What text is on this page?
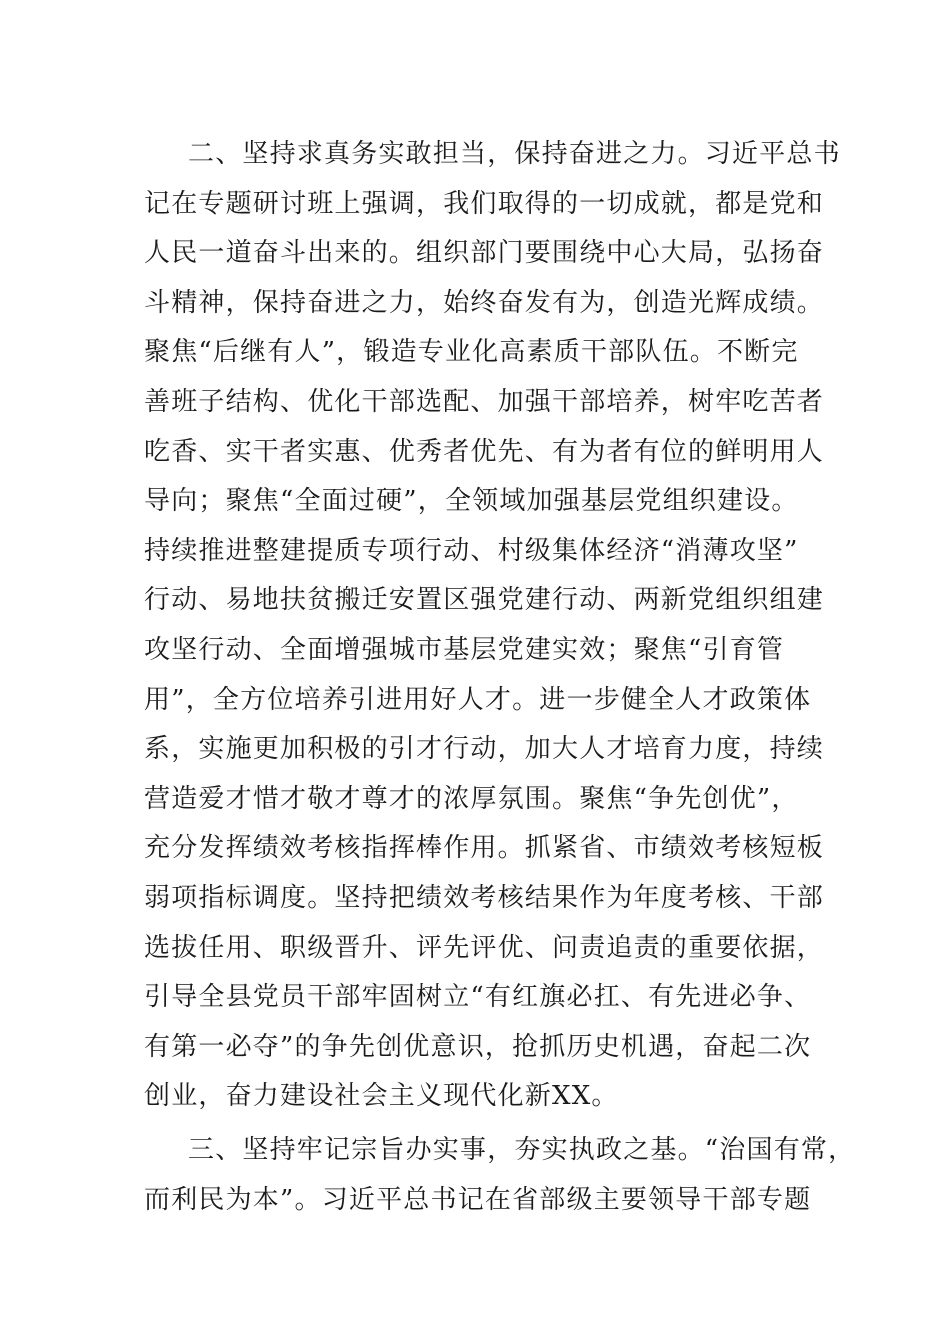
二、坚持求真务实敢担当，保持奋进之力。习近平总书
记在专题研讨班上强调，我们取得的一切成就，都是党和
人民一道奋斗出来的。组织部门要围绕中心大局，弘扬奋
斗精神，保持奋进之力，始终奋发有为，创造光辉成绩。
聚焦“后继有人”，锻造专业化高素质干部队伍。不断完
善班子结构、优化干部选配、加强干部培养，树牢吃苦者
吃香、实干者实惠、优秀者优先、有为者有位的鲜明用人
导向；聚焦“全面过硬”，全领域加强基层党组织建设。
持续推进整建提质专项行动、村级集体经济“消薄攻坚”
行动、易地扶贫搬迁安置区强党建行动、两新党组织组建
攻坚行动、全面增强城市基层党建实效；聚焦“引育管
用”，全方位培养引进用好人才。进一步健全人才政策体
系，实施更加积极的引才行动，加大人才培育力度，持续
营造爱才惜才敬才尊才的浓厚氛围。聚焦“争先创优”，
充分发挥绩效考核指挥棒作用。抓紧省、市绩效考核短板
弱项指标调度。坚持把绩效考核结果作为年度考核、干部
选拔任用、职级晋升、评先评优、问责追责的重要依据，
引导全县党员干部牢固树立“有红旗必扛、有先进必争、
有第一必夺”的争先创优意识，抢抓历史机遇，奋起二次
创业，奋力建设社会主义现代化新XX。
三、坚持牢记宗旨办实事，夯实执政之基。“治国有常，
而利民为本”。习近平总书记在省部级主要领导干部专题
